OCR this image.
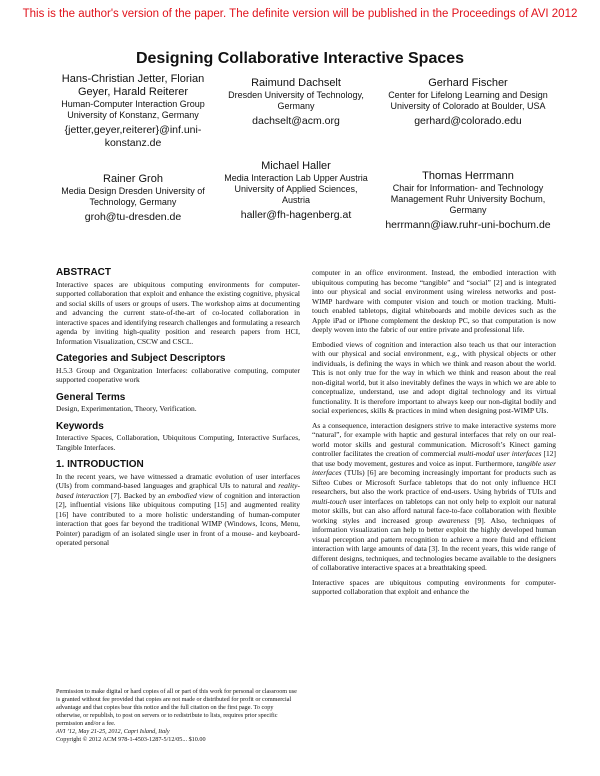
This is the author's version of the paper. The definite version will be published in the Proceedings of AVI 2012
Designing Collaborative Interactive Spaces
Hans-Christian Jetter, Florian Geyer, Harald Reiterer
Human-Computer Interaction Group University of Konstanz, Germany
{jetter,geyer,reiterer}@inf.uni-konstanz.de
Raimund Dachselt
Dresden University of Technology, Germany
dachselt@acm.org
Gerhard Fischer
Center for Lifelong Learning and Design University of Colorado at Boulder, USA
gerhard@colorado.edu
Rainer Groh
Media Design Dresden University of Technology, Germany
groh@tu-dresden.de
Michael Haller
Media Interaction Lab Upper Austria University of Applied Sciences, Austria
haller@fh-hagenberg.at
Thomas Herrmann
Chair for Information- and Technology Management Ruhr University Bochum, Germany
herrmann@iaw.ruhr-uni-bochum.de
ABSTRACT

Interactive spaces are ubiquitous computing environments for computer-supported collaboration that exploit and enhance the existing cognitive, physical and social skills of users or groups of users. The workshop aims at documenting and advancing the current state-of-the-art of co-located collaboration in interactive spaces and identifying research challenges and formulating a research agenda by inviting high-quality position and research papers from HCI, Information Visualization, CSCW and CSCL.

Categories and Subject Descriptors

H.5.3 Group and Organization Interfaces: collaborative computing, computer supported cooperative work

General Terms

Design, Experimentation, Theory, Verification.

Keywords

Interactive Spaces, Collaboration, Ubiquitous Computing, Interactive Surfaces, Tangible Interfaces.

1. INTRODUCTION

In the recent years, we have witnessed a dramatic evolution of user interfaces (UIs) from command-based languages and graphical UIs to natural and reality-based interaction [7]. Backed by an embodied view of cognition and interaction [2], influential visions like ubiquitous computing [15] and augmented reality [16] have contributed to a more holistic understanding of human-computer interaction that goes far beyond the traditional WIMP (Windows, Icons, Menu, Pointer) paradigm of an isolated single user in front of a mouse- and keyboard-operated personal

Permission to make digital or hard copies of all or part of this work for personal or classroom use is granted without fee provided that copies are not made or distributed for profit or commercial advantage and that copies bear this notice and the full citation on the first page. To copy otherwise, or republish, to post on servers or to redistribute to lists, requires prior specific permission and/or a fee.

AVI ’12, May 21-25, 2012, Capri Island, Italy

Copyright © 2012 ACM 978-1-4503-1287-5/12/05... $10.00

computer in an office environment. Instead, the embodied interaction with ubiquitous computing has become “tangible” and “social” [2] and is integrated into our physical and social environment using wireless networks and post-WIMP hardware with computer vision and touch or motion tracking. Multi-touch enabled tabletops, digital whiteboards and mobile devices such as the Apple iPad or iPhone complement the desktop PC, so that computation is now deeply woven into the fabric of our entire private and professional life.

Embodied views of cognition and interaction also teach us that our interaction with our physical and social environment, e.g., with physical objects or other individuals, is defining the ways in which we think and reason about the world. This is not only true for the way in which we think and reason about the real non-digital world, but it also inevitably defines the ways in which we are able to conceptualize, understand, use and adopt digital technology and its virtual functionality. It is therefore important to always keep our non-digital bodily and social experiences, skills & practices in mind when designing post-WIMP UIs.

As a consequence, interaction designers strive to make interactive systems more “natural”, for example with haptic and gestural interfaces that rely on our real-world motor skills and gestural communication. Microsoft’s Kinect gaming controller facilitates the creation of commercial multi-modal user interfaces [12] that use body movement, gestures and voice as input. Furthermore, tangible user interfaces (TUIs) [6] are becoming increasingly important for products such as Sifteo Cubes or Microsoft Surface tabletops that do not only influence HCI researchers, but also the work practice of end-users. Using hybrids of TUIs and multi-touch user interfaces on tabletops can not only help to exploit our natural motor skills, but can also afford natural face-to-face collaboration with flexible working styles and increased group awareness [9]. Also, techniques of information visualization can help to better exploit the highly developed human visual perception and pattern recognition to achieve a more fluid and efficient interaction with large amounts of data [3]. In the recent years, this wide range of different designs, techniques, and technologies became available to the designers of collaborative interactive spaces at a breathtaking speed.

Interactive spaces are ubiquitous computing environments for computer-supported collaboration that exploit and enhance the
